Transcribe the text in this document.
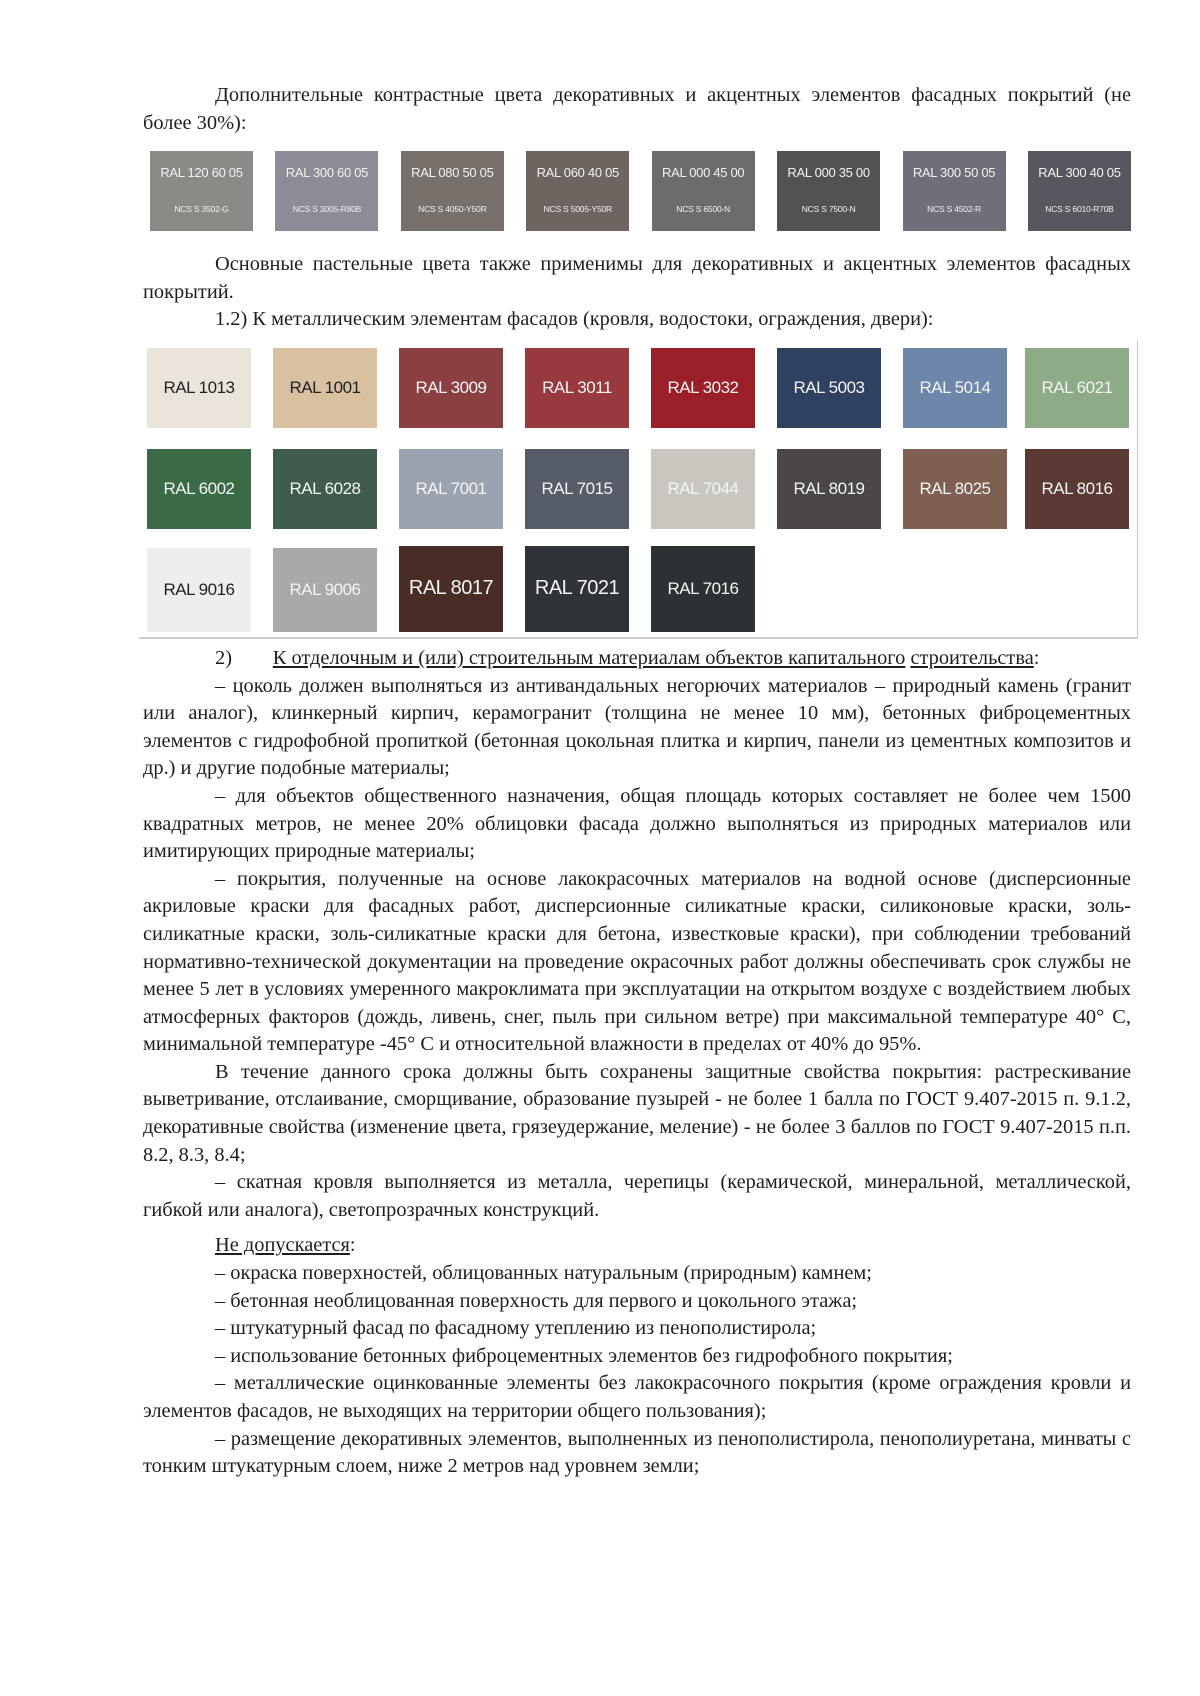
Дополнительные контрастные цвета декоративных и акцентных элементов фасадных покрытий (не более 30%):

RAL 120 60 05
NCS S 3502-G
RAL 300 60 05
NCS S 3005-R80B
RAL 080 50 05
NCS S 4050-Y50R
RAL 060 40 05
NCS S 5005-Y50R
RAL 000 45 00
NCS S 6500-N
RAL 000 35 00
NCS S 7500-N
RAL 300 50 05
NCS S 4502-R
RAL 300 40 05
NCS S 6010-R70B

Основные пастельные цвета также применимы для декоративных и акцентных элементов фасадных покрытий.

1.2) К металлическим элементам фасадов (кровля, водостоки, ограждения, двери):

RAL 1013	RAL 1001	RAL 3009	RAL 3011	RAL 3032	RAL 5003	RAL 5014	RAL 6021
RAL 6002	RAL 6028	RAL 7001	RAL 7015	RAL 7044	RAL 8019	RAL 8025	RAL 8016
RAL 9016	RAL 9006	RAL 8017	RAL 7021	RAL 7016

2) К отделочным и (или) строительным материалам объектов капитального строительства:

– цоколь должен выполняться из антивандальных негорючих материалов – природный камень (гранит или аналог), клинкерный кирпич, керамогранит (толщина не менее 10 мм), бетонных фиброцементных элементов с гидрофобной пропиткой (бетонная цокольная плитка и кирпич, панели из цементных композитов и др.) и другие подобные материалы;

– для объектов общественного назначения, общая площадь которых составляет не более чем 1500 квадратных метров, не менее 20% облицовки фасада должно выполняться из природных материалов или имитирующих природные материалы;

– покрытия, полученные на основе лакокрасочных материалов на водной основе (дисперсионные акриловые краски для фасадных работ, дисперсионные силикатные краски, силиконовые краски, золь-силикатные краски, золь-силикатные краски для бетона, известковые краски), при соблюдении требований нормативно-технической документации на проведение окрасочных работ должны обеспечивать срок службы не менее 5 лет в условиях умеренного макроклимата при эксплуатации на открытом воздухе с воздействием любых атмосферных факторов (дождь, ливень, снег, пыль при сильном ветре) при максимальной температуре 40° С, минимальной температуре -45° С и относительной влажности в пределах от 40% до 95%.

В течение данного срока должны быть сохранены защитные свойства покрытия: растрескивание выветривание, отслаивание, сморщивание, образование пузырей - не более 1 балла по ГОСТ 9.407-2015 п. 9.1.2, декоративные свойства (изменение цвета, грязеудержание, меление) - не более 3 баллов по ГОСТ 9.407-2015 п.п. 8.2, 8.3, 8.4;

– скатная кровля выполняется из металла, черепицы (керамической, минеральной, металлической, гибкой или аналога), светопрозрачных конструкций.

Не допускается:

– окраска поверхностей, облицованных натуральным (природным) камнем;

– бетонная необлицованная поверхность для первого и цокольного этажа;

– штукатурный фасад по фасадному утеплению из пенополистирола;

– использование бетонных фиброцементных элементов без гидрофобного покрытия;

– металлические оцинкованные элементы без лакокрасочного покрытия (кроме ограждения кровли и элементов фасадов, не выходящих на территории общего пользования);

– размещение декоративных элементов, выполненных из пенополистирола, пенополиуретана, минваты с тонким штукатурным слоем, ниже 2 метров над уровнем земли;
